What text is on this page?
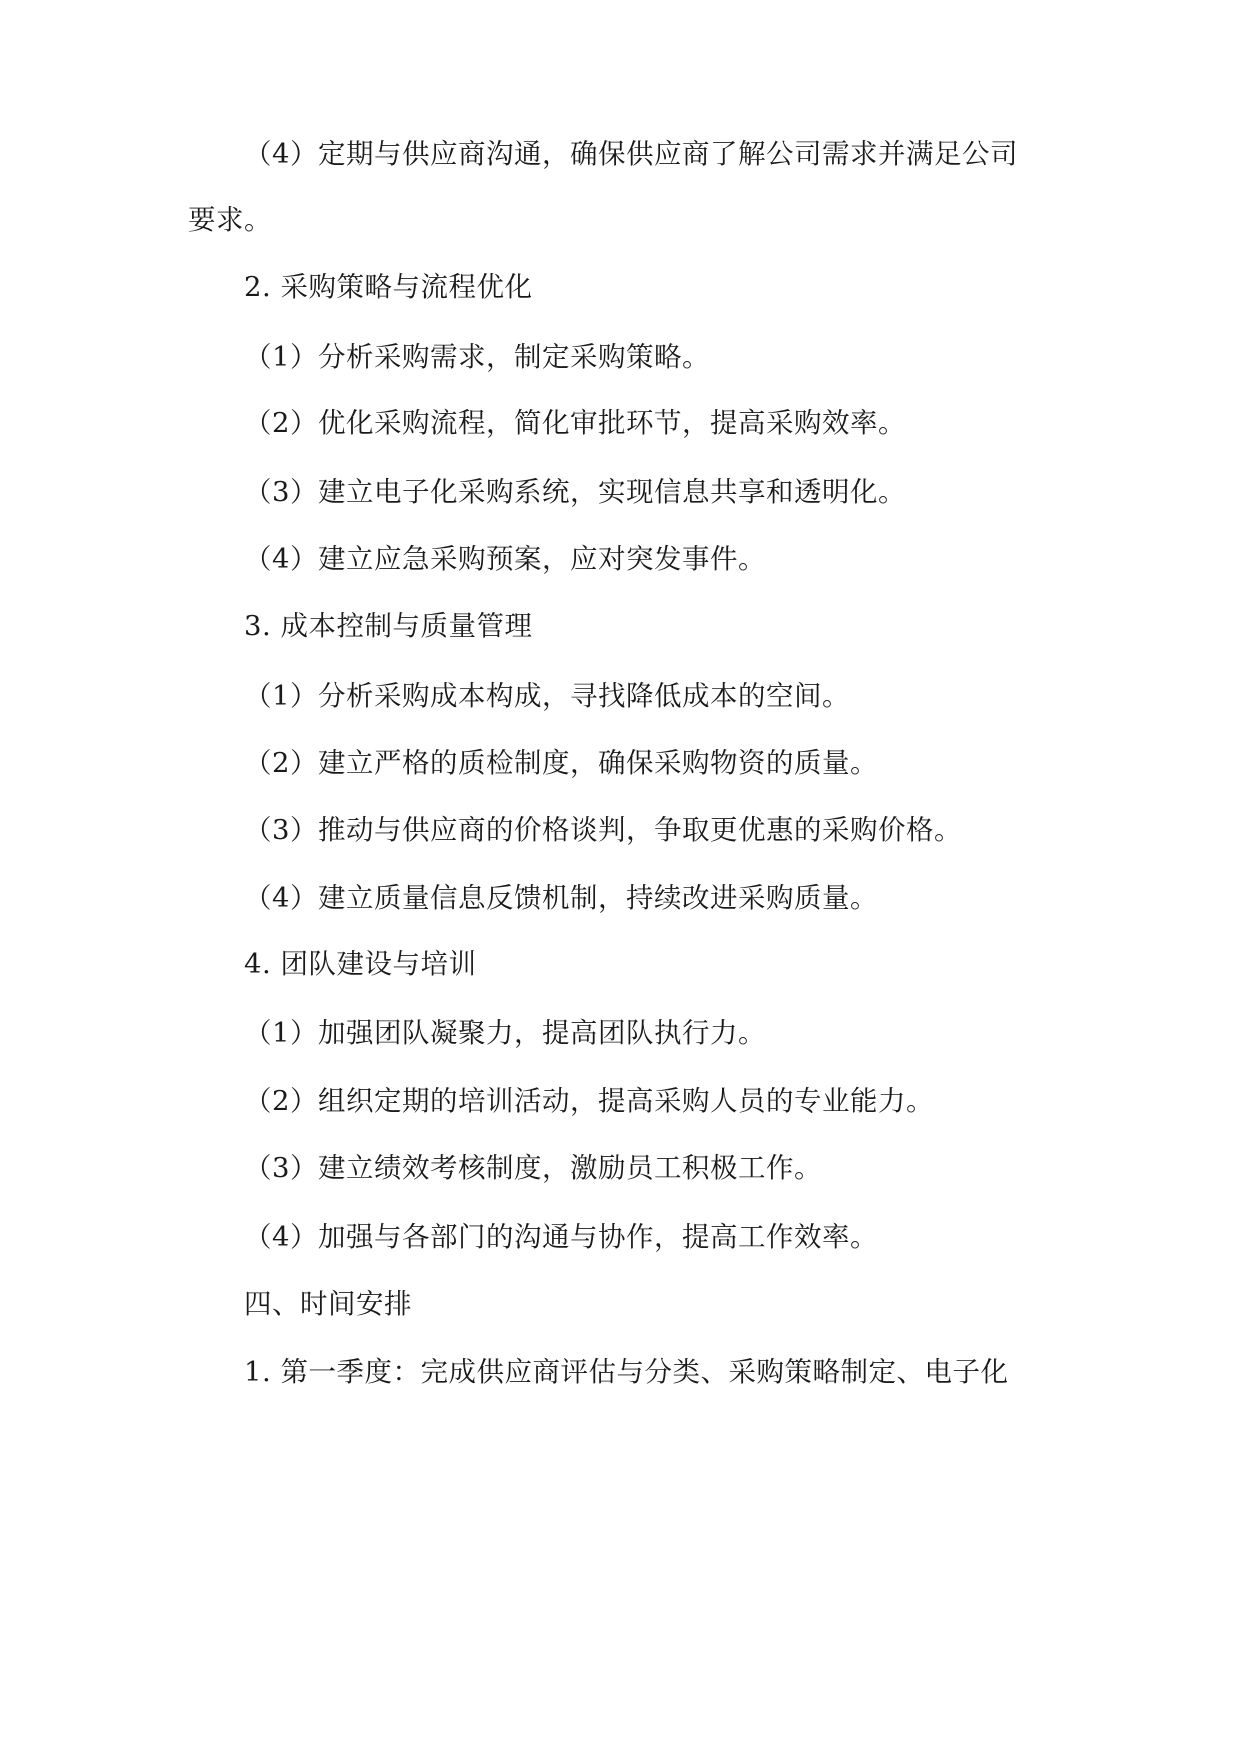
（4）定期与供应商沟通，确保供应商了解公司需求并满足公司
要求。
2. 采购策略与流程优化
（1）分析采购需求，制定采购策略。
（2）优化采购流程，简化审批环节，提高采购效率。
（3）建立电子化采购系统，实现信息共享和透明化。
（4）建立应急采购预案，应对突发事件。
3. 成本控制与质量管理
（1）分析采购成本构成，寻找降低成本的空间。
（2）建立严格的质检制度，确保采购物资的质量。
（3）推动与供应商的价格谈判，争取更优惠的采购价格。
（4）建立质量信息反馈机制，持续改进采购质量。
4. 团队建设与培训
（1）加强团队凝聚力，提高团队执行力。
（2）组织定期的培训活动，提高采购人员的专业能力。
（3）建立绩效考核制度，激励员工积极工作。
（4）加强与各部门的沟通与协作，提高工作效率。
四、时间安排
1. 第一季度：完成供应商评估与分类、采购策略制定、电子化
